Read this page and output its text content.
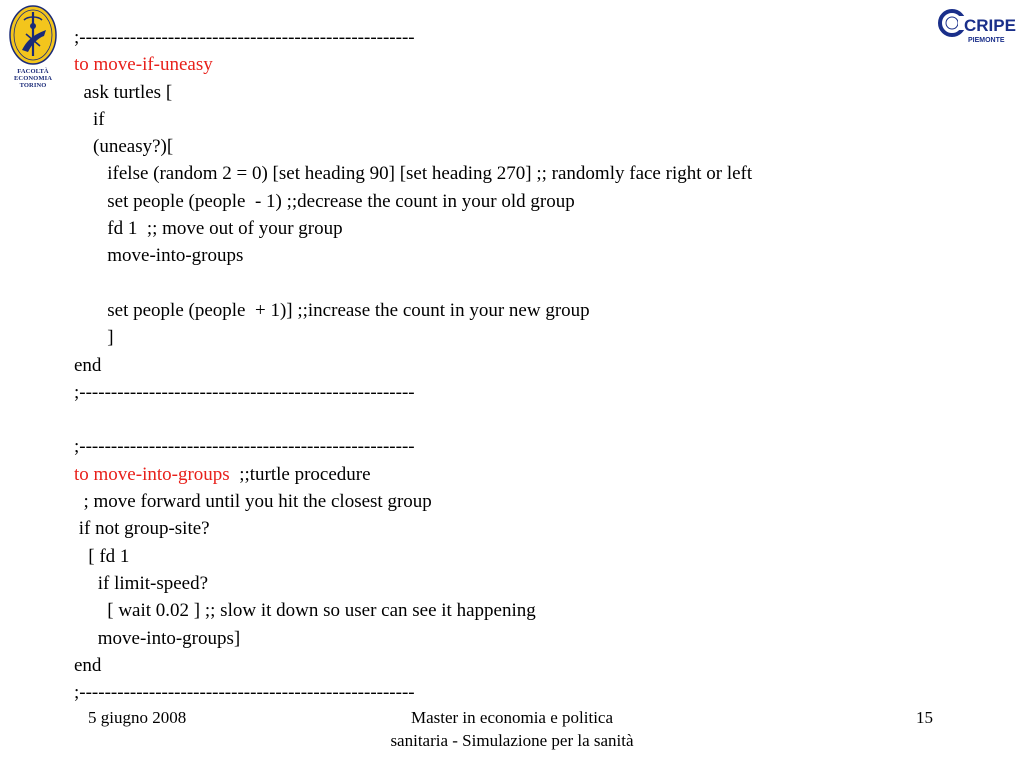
FACOLTÀ
ECONOMIA
TORINO
CRIPE
PIEMONTE
;-----------------------------------------------------
to move-if-uneasy
ask turtles [
if
(uneasy?)[
ifelse (random 2 = 0) [set heading 90] [set heading 270] ;; randomly face right or left
set people (people  - 1) ;;decrease the count in your old group
fd 1  ;; move out of your group
move-into-groups
set people (people  + 1)] ;;increase the count in your new group
]
end
;-----------------------------------------------------
;-----------------------------------------------------
to move-into-groups  ;;turtle procedure
; move forward until you hit the closest group
if not group-site?
[ fd 1
if limit-speed?
[ wait 0.02 ] ;; slow it down so user can see it happening
move-into-groups]
end
;-----------------------------------------------------
5 giugno 2008	Master in economia e politica
sanitaria - Simulazione per la sanità
15
